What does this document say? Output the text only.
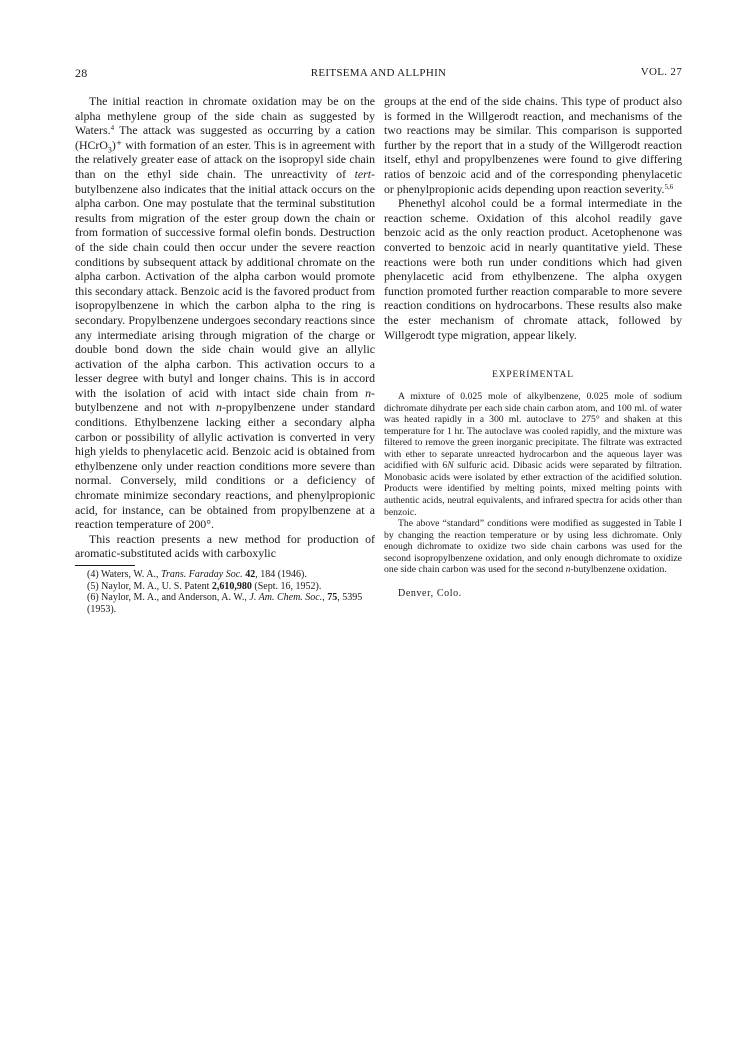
28	REITSEMA AND ALLPHIN	VOL. 27

The initial reaction in chromate oxidation may be on the alpha methylene group of the side chain as suggested by Waters.$^4$ The attack was suggested as occurring by a cation (HCrO$_3$)⁺ with formation of an ester. This is in agreement with the relatively greater ease of attack on the isopropyl side chain than on the ethyl side chain. The unreactivity of tert-butylbenzene also indicates that the initial attack occurs on the alpha carbon. One may postulate that the terminal substitution results from migration of the ester group down the chain or from formation of successive formal olefin bonds. Destruction of the side chain could then occur under the severe reaction conditions by subsequent attack by additional chromate on the alpha carbon. Activation of the alpha carbon would promote this secondary attack. Benzoic acid is the favored product from isopropylbenzene in which the carbon alpha to the ring is secondary. Propylbenzene undergoes secondary reactions since any intermediate arising through migration of the charge or double bond down the side chain would give an allylic activation of the alpha carbon. This activation occurs to a lesser degree with butyl and longer chains. This is in accord with the isolation of acid with intact side chain from n-butylbenzene and not with n-propylbenzene under standard conditions. Ethylbenzene lacking either a secondary alpha carbon or possibility of allylic activation is converted in very high yields to phenylacetic acid. Benzoic acid is obtained from ethylbenzene only under reaction conditions more severe than normal. Conversely, mild conditions or a deficiency of chromate minimize secondary reactions, and phenylpropionic acid, for instance, can be obtained from propylbenzene at a reaction temperature of 200°.

This reaction presents a new method for production of aromatic-substituted acids with carboxylic

(4) Waters, W. A., Trans. Faraday Soc. 42, 184 (1946).

(5) Naylor, M. A., U. S. Patent 2,610,980 (Sept. 16, 1952).

(6) Naylor, M. A., and Anderson, A. W., J. Am. Chem. Soc., 75, 5395 (1953).

groups at the end of the side chains. This type of product also is formed in the Willgerodt reaction, and mechanisms of the two reactions may be similar. This comparison is supported further by the report that in a study of the Willgerodt reaction itself, ethyl and propylbenzenes were found to give differing ratios of benzoic acid and of the corresponding phenylacetic or phenylpropionic acids depending upon reaction severity.$^{5,6}$

Phenethyl alcohol could be a formal intermediate in the reaction scheme. Oxidation of this alcohol readily gave benzoic acid as the only reaction product. Acetophenone was converted to benzoic acid in nearly quantitative yield. These reactions were both run under conditions which had given phenylacetic acid from ethylbenzene. The alpha oxygen function promoted further reaction comparable to more severe reaction conditions on hydrocarbons. These results also make the ester mechanism of chromate attack, followed by Willgerodt type migration, appear likely.

EXPERIMENTAL

A mixture of 0.025 mole of alkylbenzene, 0.025 mole of sodium dichromate dihydrate per each side chain carbon atom, and 100 ml. of water was heated rapidly in a 300 ml. autoclave to 275° and shaken at this temperature for 1 hr. The autoclave was cooled rapidly, and the mixture was filtered to remove the green inorganic precipitate. The filtrate was extracted with ether to separate unreacted hydrocarbon and the aqueous layer was acidified with 6N sulfuric acid. Dibasic acids were separated by filtration. Monobasic acids were isolated by ether extraction of the acidified solution. Products were identified by melting points, mixed melting points with authentic acids, neutral equivalents, and infrared spectra for acids other than benzoic.

The above “standard” conditions were modified as suggested in Table I by changing the reaction temperature or by using less dichromate. Only enough dichromate to oxidize two side chain carbons was used for the second isopropylbenzene oxidation, and only enough dichromate to oxidize one side chain carbon was used for the second n-butylbenzene oxidation.

Denver, Colo.
